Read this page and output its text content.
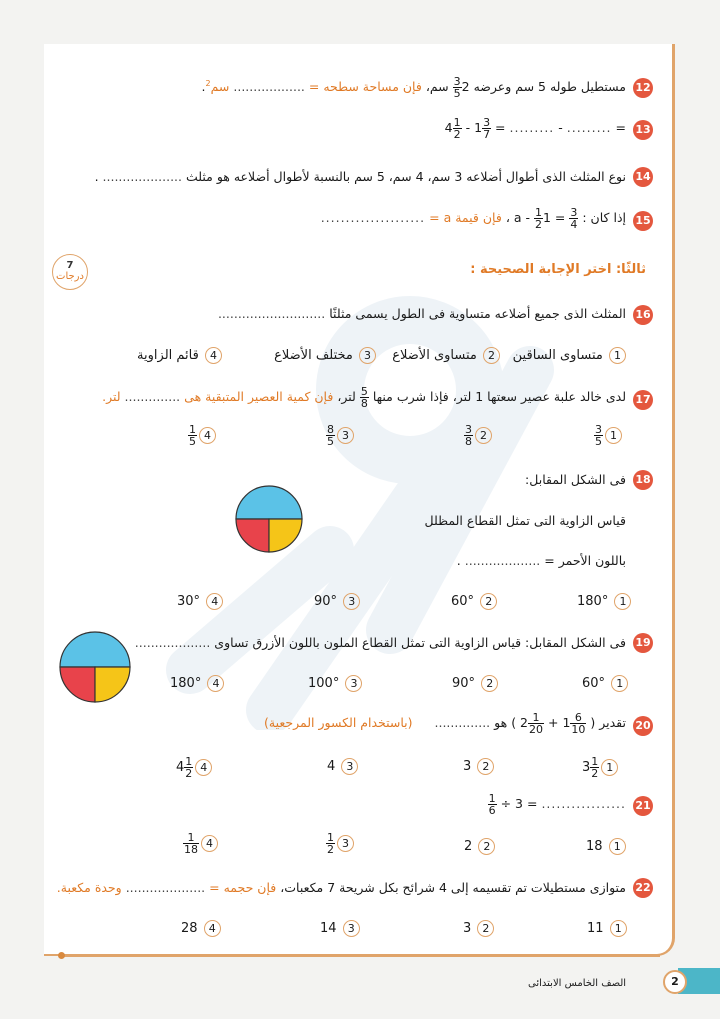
12
مستطيل طوله 5 سم وعرضه 2
$\frac{3}{5}$
سم، فإن مساحة سطحه = .................. سم$^2$.
13
$4 \frac{1}{2} - 1 \frac{3}{7}$ = ......... - ......... =
14
نوع المثلث الذى أطوال أضلاعه 3 سم، 4 سم، 5 سم بالنسبة لأطوال أضلاعه هو مثلث .................... .
15
إذا كان :
$\frac{3}{4}$
= 1
$\frac{1}{2}$
- a ، فإن قيمة a = .....................
7
درجات	ثالثًا: اختر الإجابة الصحيحة :
16
المثلث الذى جميع أضلاعه متساوية فى الطول يسمى مثلثًا ...........................
1 متساوى الساقين
2 متساوى الأضلاع
3 مختلف الأضلاع
4 قائم الزاوية
17
لدى خالد علبة عصير سعتها 1 لتر، فإذا شرب منها
$\frac{5}{8}$
لتر، فإن كمية العصير المتبقية هى .............. لتر.
$\frac{3}{5} 1$
$\frac{3}{8} 2$
$\frac{8}{5} 3$
$\frac{1}{5} 4$
18
فى الشكل المقابل:
قياس الزاوية التى تمثل القطاع المظلل
باللون الأحمر = ................... .
180° 1
60° 2
90° 3
30° 4
19
فى الشكل المقابل: قياس الزاوية التى تمثل القطاع الملون باللون الأزرق تساوى ...................
60° 1
90° 2
100° 3
180° 4
20
تقدير ( $2 \frac{1}{20} + 1 \frac{6}{10}$ ) هو .............. (باستخدام الكسور المرجعية)
$3 \frac{1}{2} 1$
3 2
4 3
$4 \frac{1}{2} 4$
21
$\frac{1}{6} \div 3$ = .................
18 1
2 2
$\frac{1}{2} 3$
$\frac{1}{18} 4$
22
متوازى مستطيلات تم تقسيمه إلى 4 شرائح بكل شريحة 7 مكعبات، فإن حجمه = .................... وحدة مكعبة.
11 1
3 2
14 3
28 4
2
الصف الخامس الابتدائى
